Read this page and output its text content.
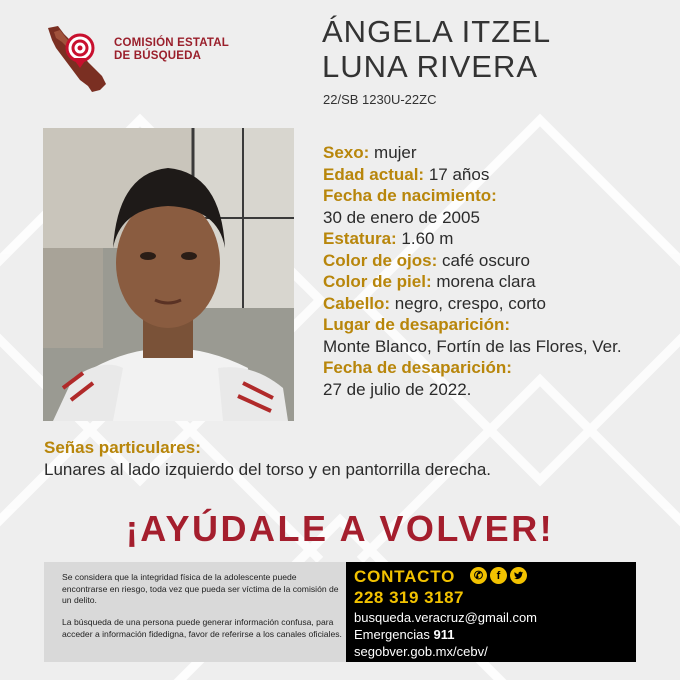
COMISIÓN ESTATAL
DE BÚSQUEDA
ÁNGELA ITZEL
LUNA RIVERA
22/SB 1230U-22ZC
Sexo: mujer
Edad actual: 17 años
Fecha de nacimiento:
30 de enero de 2005
Estatura: 1.60 m
Color de ojos: café oscuro
Color de piel: morena clara
Cabello: negro, crespo, corto
Lugar de desaparición:
Monte Blanco, Fortín de las Flores, Ver.
Fecha de desaparición:
27 de julio de 2022.
Señas particulares:
Lunares al lado izquierdo del torso y en pantorrilla derecha.
¡AYÚDALE A VOLVER!

Se considera que la integridad física de la adolescente puede encontrarse en riesgo, toda vez que pueda ser víctima de la comisión de un delito.

La búsqueda de una persona puede generar información confusa, para acceder a información fidedigna, favor de referirse a los canales oficiales.

CONTACTO	✆	f
228 319 3187
busqueda.veracruz@gmail.com
Emergencias 911
segobver.gob.mx/cebv/
